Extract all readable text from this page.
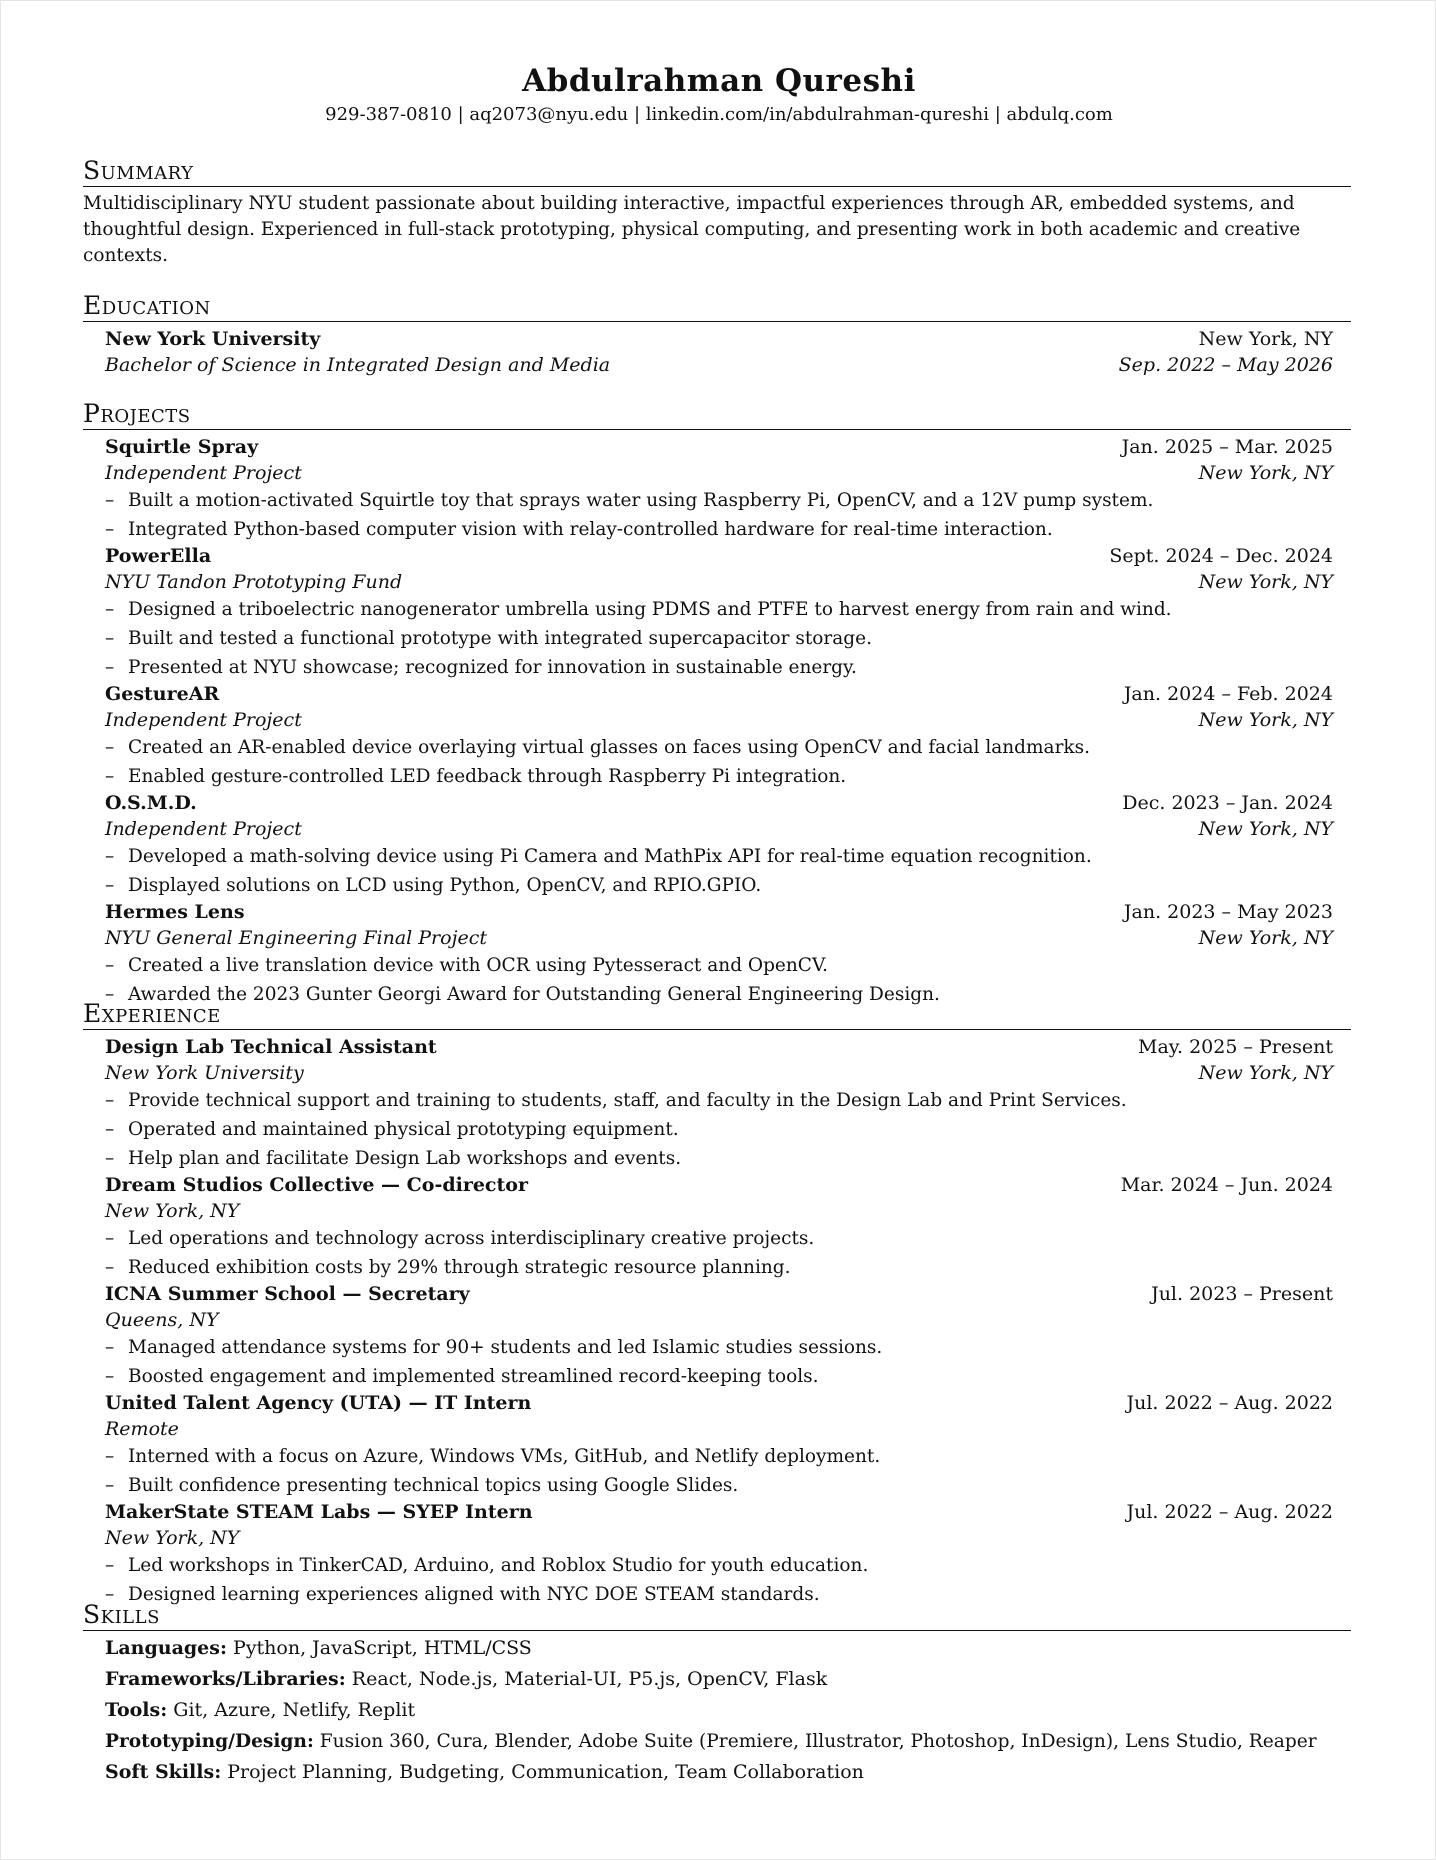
Abdulrahman Qureshi
929-387-0810 | aq2073@nyu.edu | linkedin.com/in/abdulrahman-qureshi | abdulq.com
Summary
Multidisciplinary NYU student passionate about building interactive, impactful experiences through AR, embedded systems, and
thoughtful design. Experienced in full-stack prototyping, physical computing, and presenting work in both academic and creative
contexts.
Education
New York University	New York, NY
Bachelor of Science in Integrated Design and Media	Sep. 2022 – May 2026
Projects
Squirtle Spray	Jan. 2025 – Mar. 2025
Independent Project	New York, NY
– Built a motion-activated Squirtle toy that sprays water using Raspberry Pi, OpenCV, and a 12V pump system.
– Integrated Python-based computer vision with relay-controlled hardware for real-time interaction.
PowerElla	Sept. 2024 – Dec. 2024
NYU Tandon Prototyping Fund	New York, NY
– Designed a triboelectric nanogenerator umbrella using PDMS and PTFE to harvest energy from rain and wind.
– Built and tested a functional prototype with integrated supercapacitor storage.
– Presented at NYU showcase; recognized for innovation in sustainable energy.
GestureAR	Jan. 2024 – Feb. 2024
Independent Project	New York, NY
– Created an AR-enabled device overlaying virtual glasses on faces using OpenCV and facial landmarks.
– Enabled gesture-controlled LED feedback through Raspberry Pi integration.
O.S.M.D.	Dec. 2023 – Jan. 2024
Independent Project	New York, NY
– Developed a math-solving device using Pi Camera and MathPix API for real-time equation recognition.
– Displayed solutions on LCD using Python, OpenCV, and RPIO.GPIO.
Hermes Lens	Jan. 2023 – May 2023
NYU General Engineering Final Project	New York, NY
– Created a live translation device with OCR using Pytesseract and OpenCV.
– Awarded the 2023 Gunter Georgi Award for Outstanding General Engineering Design.
Experience
Design Lab Technical Assistant	May. 2025 – Present
New York University	New York, NY
– Provide technical support and training to students, staff, and faculty in the Design Lab and Print Services.
– Operated and maintained physical prototyping equipment.
– Help plan and facilitate Design Lab workshops and events.
Dream Studios Collective — Co-director	Mar. 2024 – Jun. 2024
New York, NY
– Led operations and technology across interdisciplinary creative projects.
– Reduced exhibition costs by 29% through strategic resource planning.
ICNA Summer School — Secretary	Jul. 2023 – Present
Queens, NY
– Managed attendance systems for 90+ students and led Islamic studies sessions.
– Boosted engagement and implemented streamlined record-keeping tools.
United Talent Agency (UTA) — IT Intern	Jul. 2022 – Aug. 2022
Remote
– Interned with a focus on Azure, Windows VMs, GitHub, and Netlify deployment.
– Built confidence presenting technical topics using Google Slides.
MakerState STEAM Labs — SYEP Intern	Jul. 2022 – Aug. 2022
New York, NY
– Led workshops in TinkerCAD, Arduino, and Roblox Studio for youth education.
– Designed learning experiences aligned with NYC DOE STEAM standards.
Skills
Languages: Python, JavaScript, HTML/CSS
Frameworks/Libraries: React, Node.js, Material-UI, P5.js, OpenCV, Flask
Tools: Git, Azure, Netlify, Replit
Prototyping/Design: Fusion 360, Cura, Blender, Adobe Suite (Premiere, Illustrator, Photoshop, InDesign), Lens Studio, Reaper
Soft Skills: Project Planning, Budgeting, Communication, Team Collaboration
